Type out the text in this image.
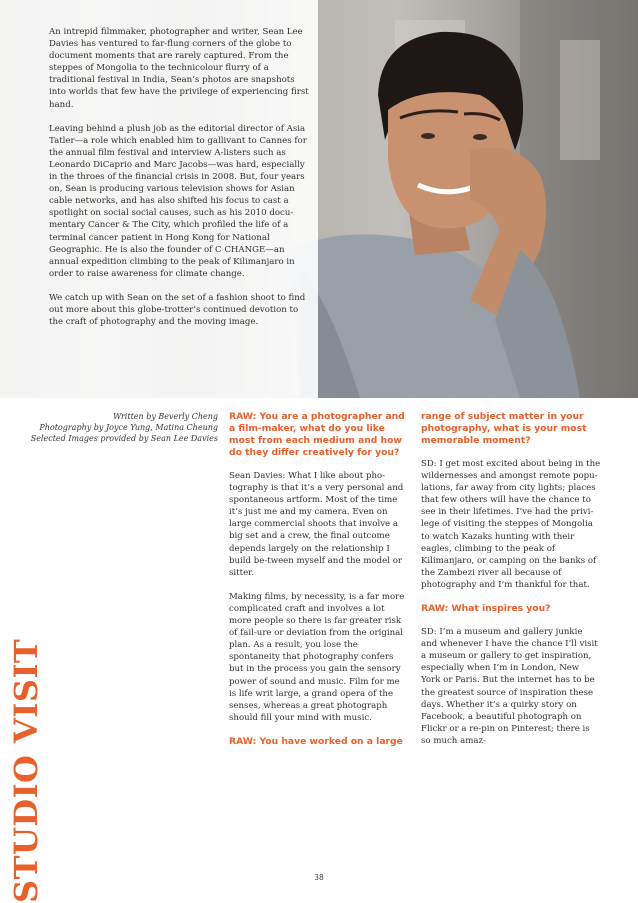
An intrepid filmmaker, photographer and writer, Sean Lee Davies has ventured to far-flung corners of the globe to document moments that are rarely captured. From the steppes of Mongolia to the technicolour flurry of a traditional festival in India, Sean’s photos are snapshots into worlds that few have the privilege of experiencing first hand.

Leaving behind a plush job as the editorial director of Asia Tatler—a role which enabled him to gallivant to Cannes for the annual film festival and interview A-listers such as Leonardo DiCaprio and Marc Jacobs—was hard, especially in the throes of the financial crisis in 2008. But, four years on, Sean is producing various television shows for Asian cable networks, and has also shifted his focus to cast a spotlight on social social causes, such as his 2010 docu-mentary Cancer & The City, which profiled the life of a terminal cancer patient in Hong Kong for National Geographic. He is also the founder of C CHANGE—an annual expedition climbing to the peak of Kilimanjaro in order to raise awareness for climate change.

We catch up with Sean on the set of a fashion shoot to find out more about this globe-trotter’s continued devotion to the craft of photography and the moving image.

Written by Beverly Cheng
Photography by Joyce Yung, Matina Cheung
Selected Images provided by Sean Lee Davies

RAW: You are a photographer and a film-maker, what do you like most from each medium and how do they differ creatively for you?

Sean Davies: What I like about pho-tography is that it’s a very personal and spontaneous artform. Most of the time it’s just me and my camera. Even on large commercial shoots that involve a big set and a crew, the final outcome depends largely on the relationship I build be-tween myself and the model or sitter.

Making films, by necessity, is a far more complicated craft and involves a lot more people so there is far greater risk of fail-ure or deviation from the original plan. As a result, you lose the spontaneity that photography confers but in the process you gain the sensory power of sound and music. Film for me is life writ large, a grand opera of the senses, whereas a great photograph should fill your mind with music.

RAW: You have worked on a large

range of subject matter in your photography, what is your most memorable moment?

SD: I get most excited about being in the wildernesses and amongst remote popu-lations, far away from city lights; places that few others will have the chance to see in their lifetimes. I’ve had the privi-lege of visiting the steppes of Mongolia to watch Kazaks hunting with their eagles, climbing to the peak of Kilimanjaro, or camping on the banks of the Zambezi river all because of photography and I’m thankful for that.

RAW: What inspires you?

SD: I’m a museum and gallery junkie and whenever I have the chance I’ll visit a museum or gallery to get inspiration, especially when I’m in London, New York or Paris. But the internet has to be the greatest source of inspiration these days. Whether it’s a quirky story on Facebook, a beautiful photograph on Flickr or a re-pin on Pinterest; there is so much amaz-

38
STUDIO VISIT
